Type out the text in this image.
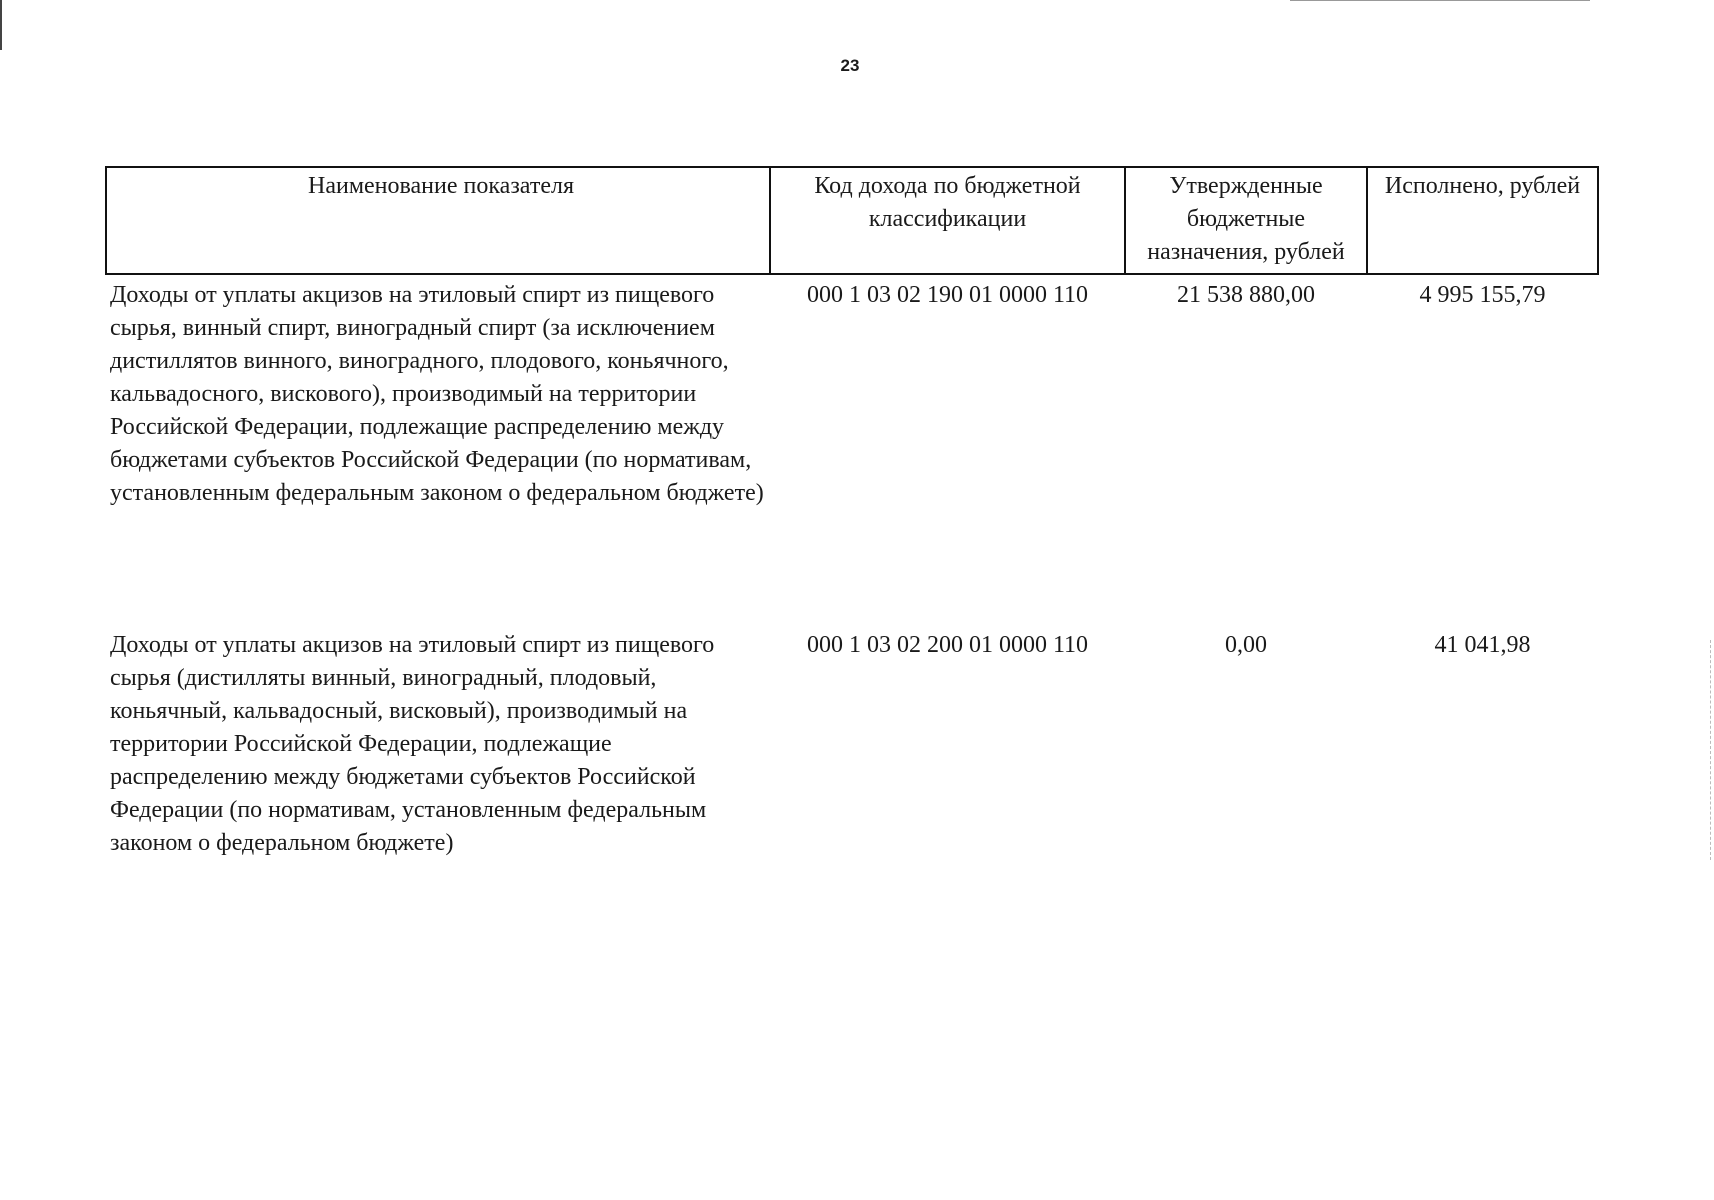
23
Наименование показателя	Код дохода по бюджетной классификации	Утвержденные бюджетные назначения, рублей	Исполнено, рублей
Доходы от уплаты акцизов на этиловый спирт из пищевого сырья, винный спирт, виноградный спирт (за исключением дистиллятов винного, виноградного, плодового, коньячного, кальвадосного, вискового), производимый на территории Российской Федерации, подлежащие распределению между бюджетами субъектов Российской Федерации (по нормативам, установленным федеральным законом о федеральном бюджете)	000 1 03 02 190 01 0000 110	21 538 880,00	4 995 155,79
Доходы от уплаты акцизов на этиловый спирт из пищевого сырья (дистилляты винный, виноградный, плодовый, коньячный, кальвадосный, висковый), производимый на территории Российской Федерации, подлежащие распределению между бюджетами субъектов Российской Федерации (по нормативам, установленным федеральным законом о федеральном бюджете)	000 1 03 02 200 01 0000 110	0,00	41 041,98
